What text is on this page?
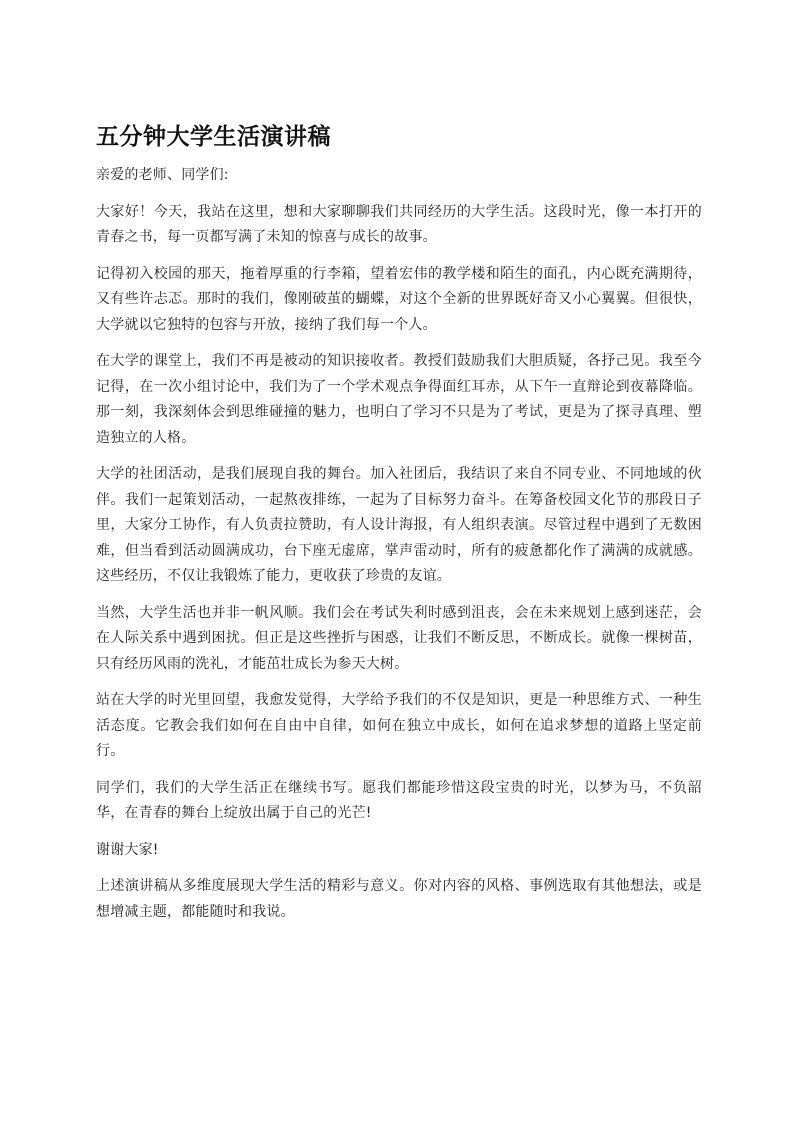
五分钟大学生活演讲稿

亲爱的老师、同学们:

大家好！今天，我站在这里，想和大家聊聊我们共同经历的大学生活。这段时光，像一本打开的青春之书，每一页都写满了未知的惊喜与成长的故事。

记得初入校园的那天，拖着厚重的行李箱，望着宏伟的教学楼和陌生的面孔，内心既充满期待，又有些许忐忑。那时的我们，像刚破茧的蝴蝶，对这个全新的世界既好奇又小心翼翼。但很快，大学就以它独特的包容与开放，接纳了我们每一个人。

在大学的课堂上，我们不再是被动的知识接收者。教授们鼓励我们大胆质疑，各抒己见。我至今记得，在一次小组讨论中，我们为了一个学术观点争得面红耳赤，从下午一直辩论到夜幕降临。那一刻，我深刻体会到思维碰撞的魅力，也明白了学习不只是为了考试，更是为了探寻真理、塑造独立的人格。

大学的社团活动，是我们展现自我的舞台。加入社团后，我结识了来自不同专业、不同地域的伙伴。我们一起策划活动，一起熬夜排练，一起为了目标努力奋斗。在筹备校园文化节的那段日子里，大家分工协作，有人负责拉赞助，有人设计海报，有人组织表演。尽管过程中遇到了无数困难，但当看到活动圆满成功，台下座无虚席，掌声雷动时，所有的疲惫都化作了满满的成就感。这些经历，不仅让我锻炼了能力，更收获了珍贵的友谊。

当然，大学生活也并非一帆风顺。我们会在考试失利时感到沮丧，会在未来规划上感到迷茫，会在人际关系中遇到困扰。但正是这些挫折与困惑，让我们不断反思，不断成长。就像一棵树苗，只有经历风雨的洗礼，才能茁壮成长为参天大树。

站在大学的时光里回望，我愈发觉得，大学给予我们的不仅是知识，更是一种思维方式、一种生活态度。它教会我们如何在自由中自律，如何在独立中成长，如何在追求梦想的道路上坚定前行。

同学们，我们的大学生活正在继续书写。愿我们都能珍惜这段宝贵的时光，以梦为马，不负韶华，在青春的舞台上绽放出属于自己的光芒!

谢谢大家!

上述演讲稿从多维度展现大学生活的精彩与意义。你对内容的风格、事例选取有其他想法，或是想增减主题，都能随时和我说。
